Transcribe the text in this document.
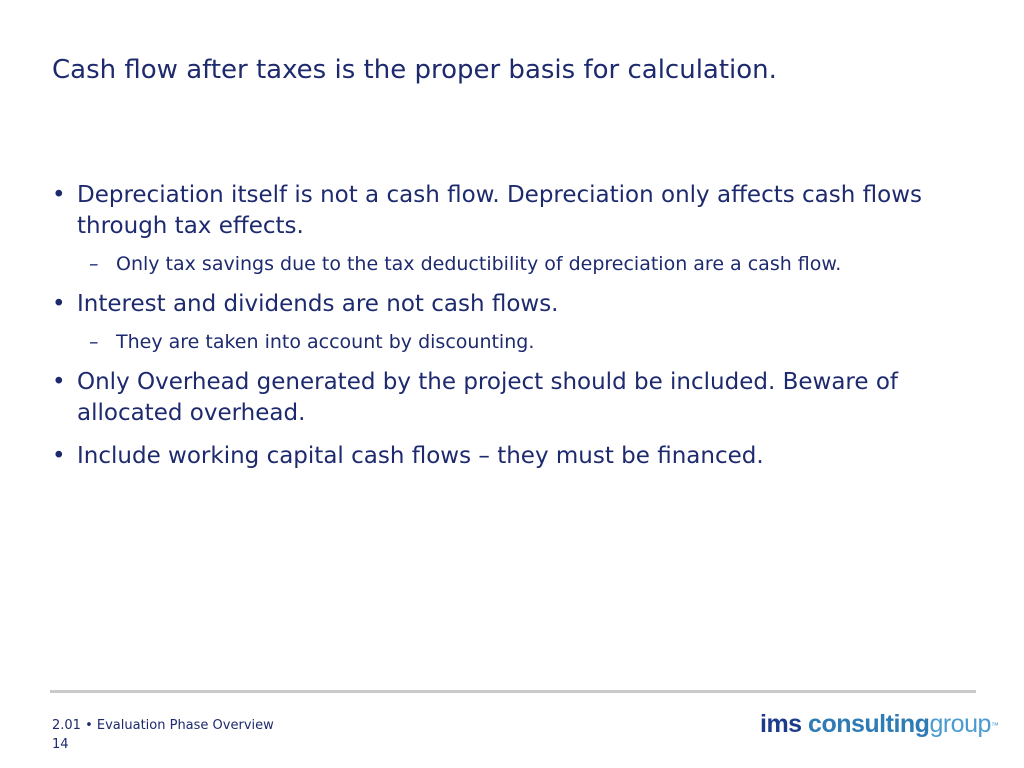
Cash flow after taxes is the proper basis for calculation.
• Depreciation itself is not a cash flow. Depreciation only affects cash flows through tax effects.
– Only tax savings due to the tax deductibility of depreciation are a cash flow.
• Interest and dividends are not cash flows.
– They are taken into account by discounting.
• Only Overhead generated by the project should be included. Beware of allocated overhead.
• Include working capital cash flows – they must be financed.
2.01 • Evaluation Phase Overview
14
ims consultinggroup™
